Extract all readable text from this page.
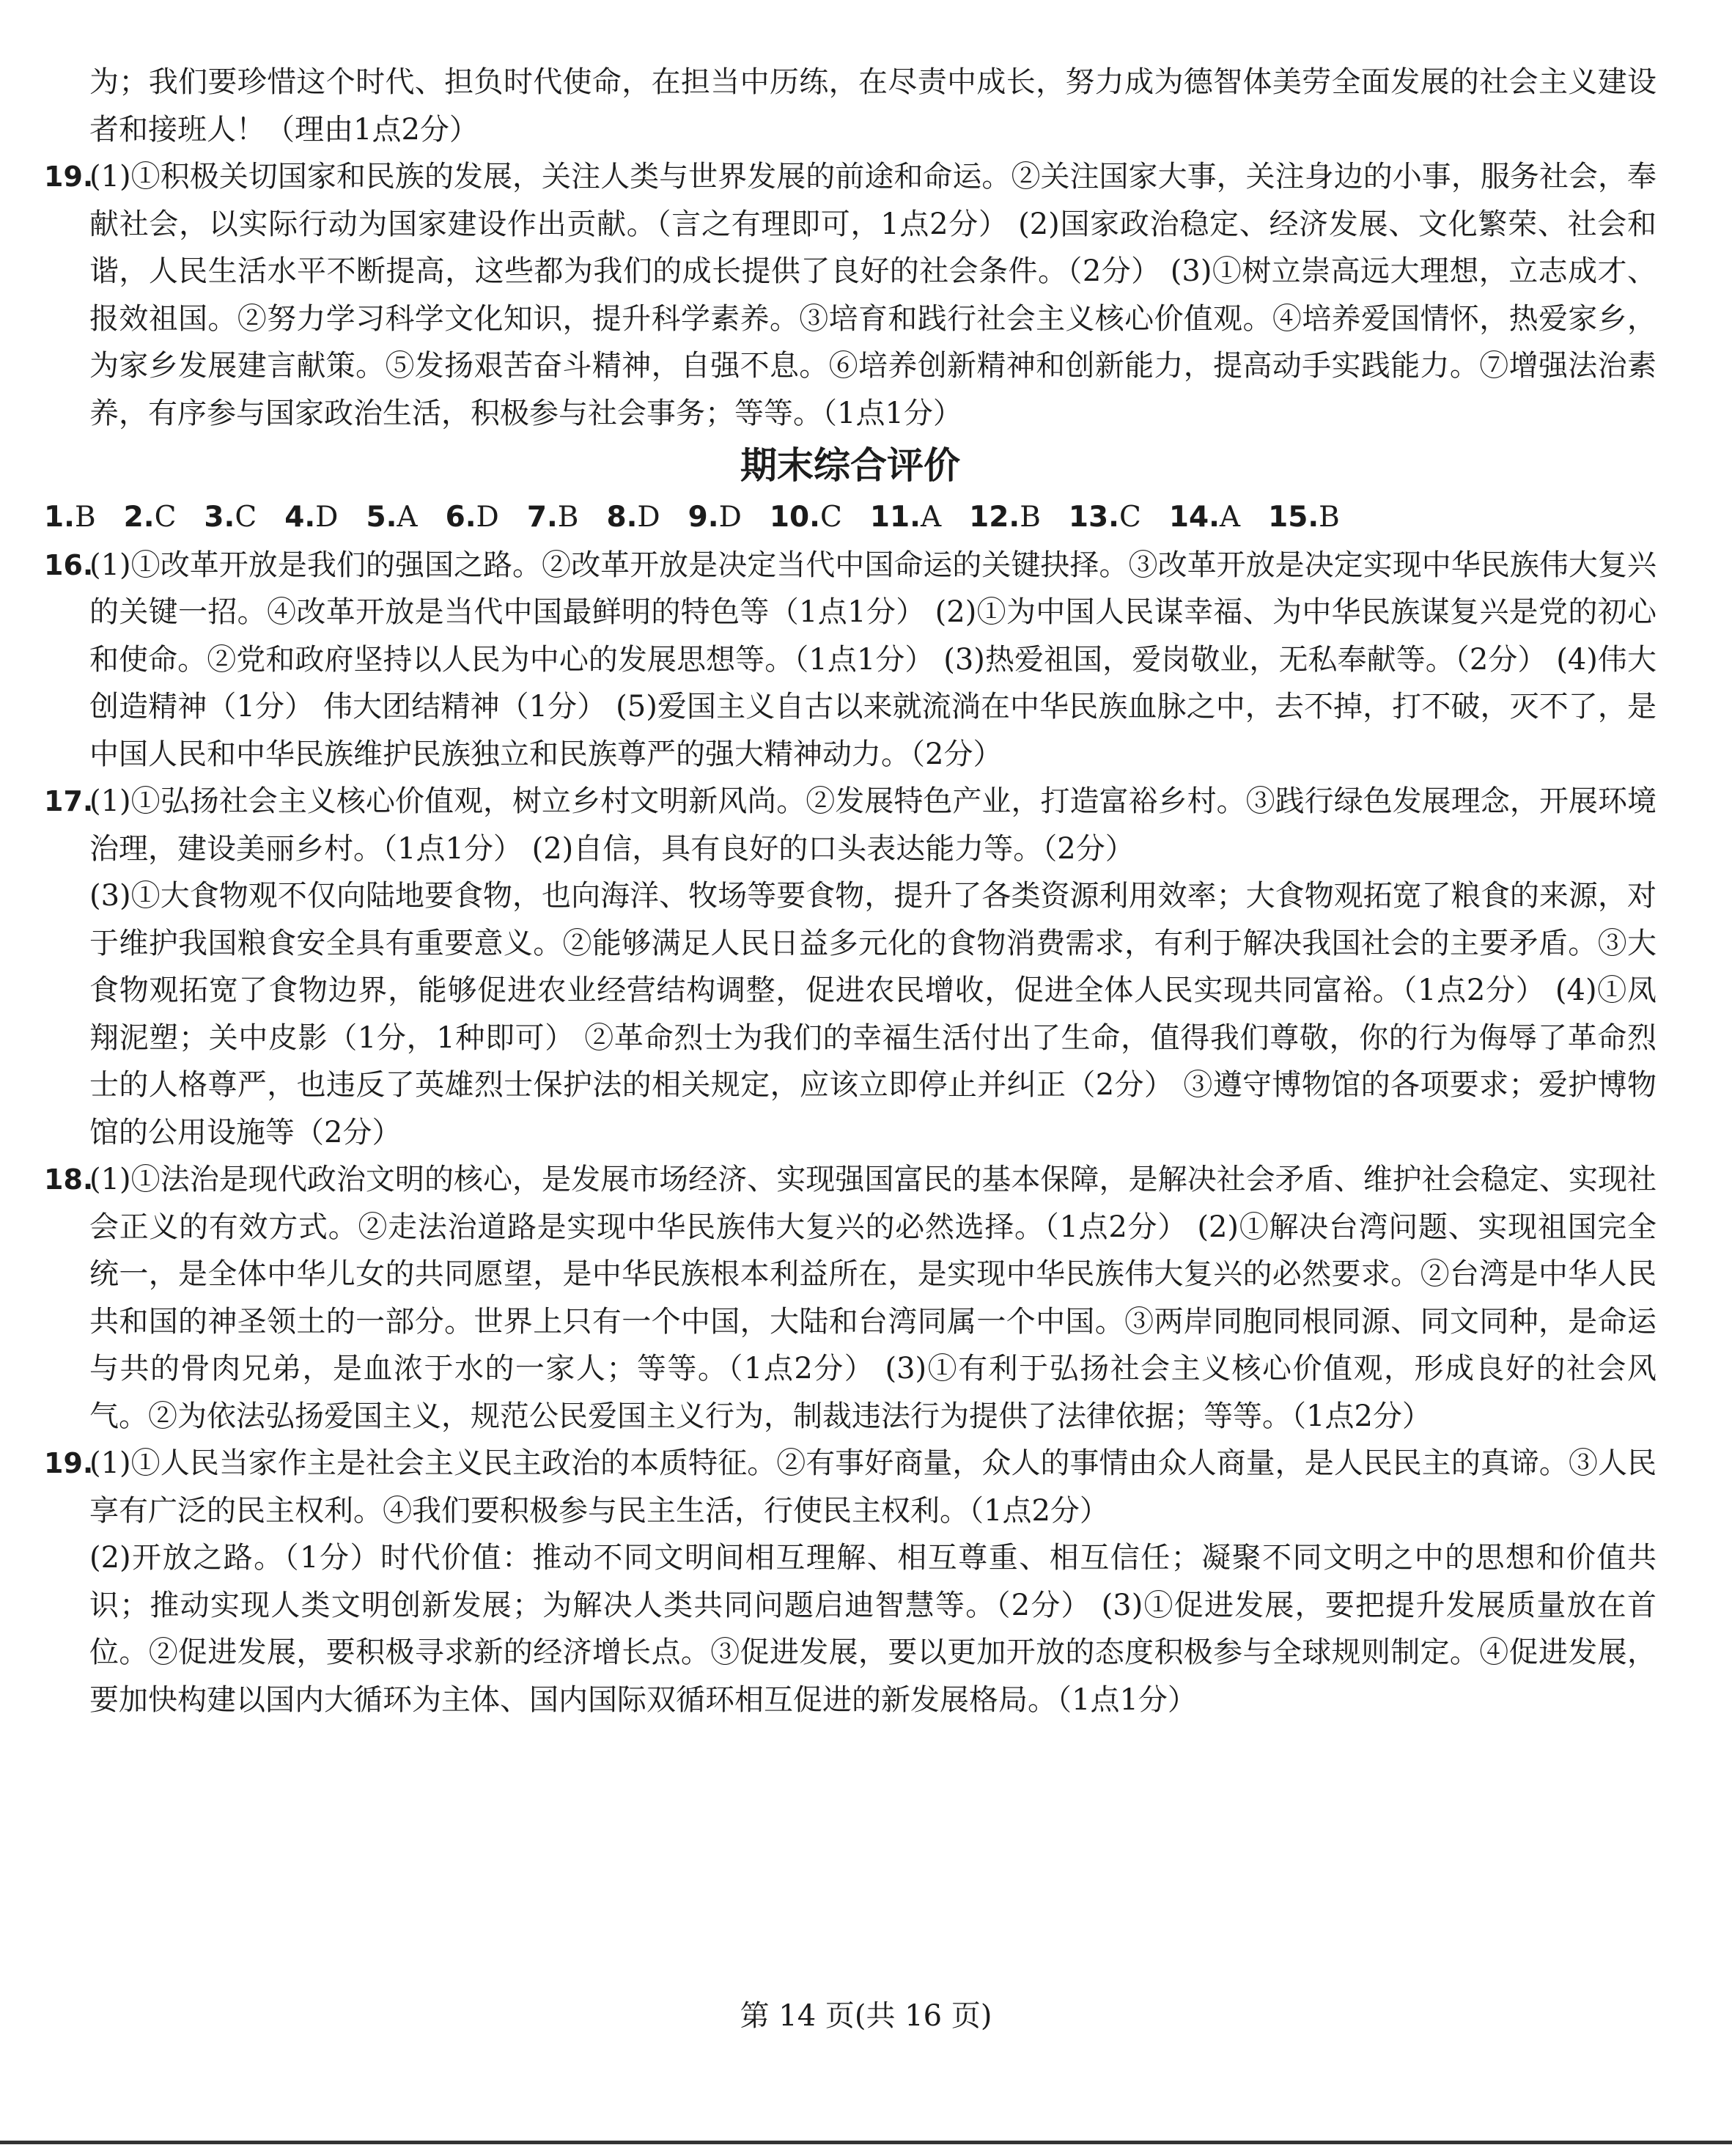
为；我们要珍惜这个时代、担负时代使命，在担当中历练，在尽责中成长，努力成为德智体美劳全面发展的社会主义建设者和接班人！（理由1点2分）

19.
(1)①积极关切国家和民族的发展，关注人类与世界发展的前途和命运。②关注国家大事，关注身边的小事，服务社会，奉献社会，以实际行动为国家建设作出贡献。（言之有理即可，1点2分） (2)国家政治稳定、经济发展、文化繁荣、社会和谐，人民生活水平不断提高，这些都为我们的成长提供了良好的社会条件。（2分） (3)①树立崇高远大理想，立志成才、报效祖国。②努力学习科学文化知识，提升科学素养。③培育和践行社会主义核心价值观。④培养爱国情怀，热爱家乡，为家乡发展建言献策。⑤发扬艰苦奋斗精神，自强不息。⑥培养创新精神和创新能力，提高动手实践能力。⑦增强法治素养，有序参与国家政治生活，积极参与社会事务；等等。（1点1分）
期末综合评价
1.B 2.C 3.C 4.D 5.A 6.D 7.B 8.D 9.D 10.C 11.A 12.B 13.C 14.A 15.B
16.
(1)①改革开放是我们的强国之路。②改革开放是决定当代中国命运的关键抉择。③改革开放是决定实现中华民族伟大复兴的关键一招。④改革开放是当代中国最鲜明的特色等（1点1分） (2)①为中国人民谋幸福、为中华民族谋复兴是党的初心和使命。②党和政府坚持以人民为中心的发展思想等。（1点1分） (3)热爱祖国，爱岗敬业，无私奉献等。（2分） (4)伟大创造精神（1分） 伟大团结精神（1分） (5)爱国主义自古以来就流淌在中华民族血脉之中，去不掉，打不破，灭不了，是中国人民和中华民族维护民族独立和民族尊严的强大精神动力。（2分）
17.
(1)①弘扬社会主义核心价值观，树立乡村文明新风尚。②发展特色产业，打造富裕乡村。③践行绿色发展理念，开展环境治理，建设美丽乡村。（1点1分） (2)自信，具有良好的口头表达能力等。（2分）
(3)①大食物观不仅向陆地要食物，也向海洋、牧场等要食物，提升了各类资源利用效率；大食物观拓宽了粮食的来源，对于维护我国粮食安全具有重要意义。②能够满足人民日益多元化的食物消费需求，有利于解决我国社会的主要矛盾。③大食物观拓宽了食物边界，能够促进农业经营结构调整，促进农民增收，促进全体人民实现共同富裕。（1点2分） (4)①凤翔泥塑；关中皮影（1分，1种即可） ②革命烈士为我们的幸福生活付出了生命，值得我们尊敬，你的行为侮辱了革命烈士的人格尊严，也违反了英雄烈士保护法的相关规定，应该立即停止并纠正（2分） ③遵守博物馆的各项要求；爱护博物馆的公用设施等（2分）
18.
(1)①法治是现代政治文明的核心，是发展市场经济、实现强国富民的基本保障，是解决社会矛盾、维护社会稳定、实现社会正义的有效方式。②走法治道路是实现中华民族伟大复兴的必然选择。（1点2分） (2)①解决台湾问题、实现祖国完全统一，是全体中华儿女的共同愿望，是中华民族根本利益所在，是实现中华民族伟大复兴的必然要求。②台湾是中华人民共和国的神圣领土的一部分。世界上只有一个中国，大陆和台湾同属一个中国。③两岸同胞同根同源、同文同种，是命运与共的骨肉兄弟，是血浓于水的一家人；等等。（1点2分） (3)①有利于弘扬社会主义核心价值观，形成良好的社会风气。②为依法弘扬爱国主义，规范公民爱国主义行为，制裁违法行为提供了法律依据；等等。（1点2分）
19.
(1)①人民当家作主是社会主义民主政治的本质特征。②有事好商量，众人的事情由众人商量，是人民民主的真谛。③人民享有广泛的民主权利。④我们要积极参与民主生活，行使民主权利。（1点2分）
(2)开放之路。（1分）时代价值：推动不同文明间相互理解、相互尊重、相互信任；凝聚不同文明之中的思想和价值共识；推动实现人类文明创新发展；为解决人类共同问题启迪智慧等。（2分） (3)①促进发展，要把提升发展质量放在首位。②促进发展，要积极寻求新的经济增长点。③促进发展，要以更加开放的态度积极参与全球规则制定。④促进发展，要加快构建以国内大循环为主体、国内国际双循环相互促进的新发展格局。（1点1分）
第 14 页(共 16 页)
